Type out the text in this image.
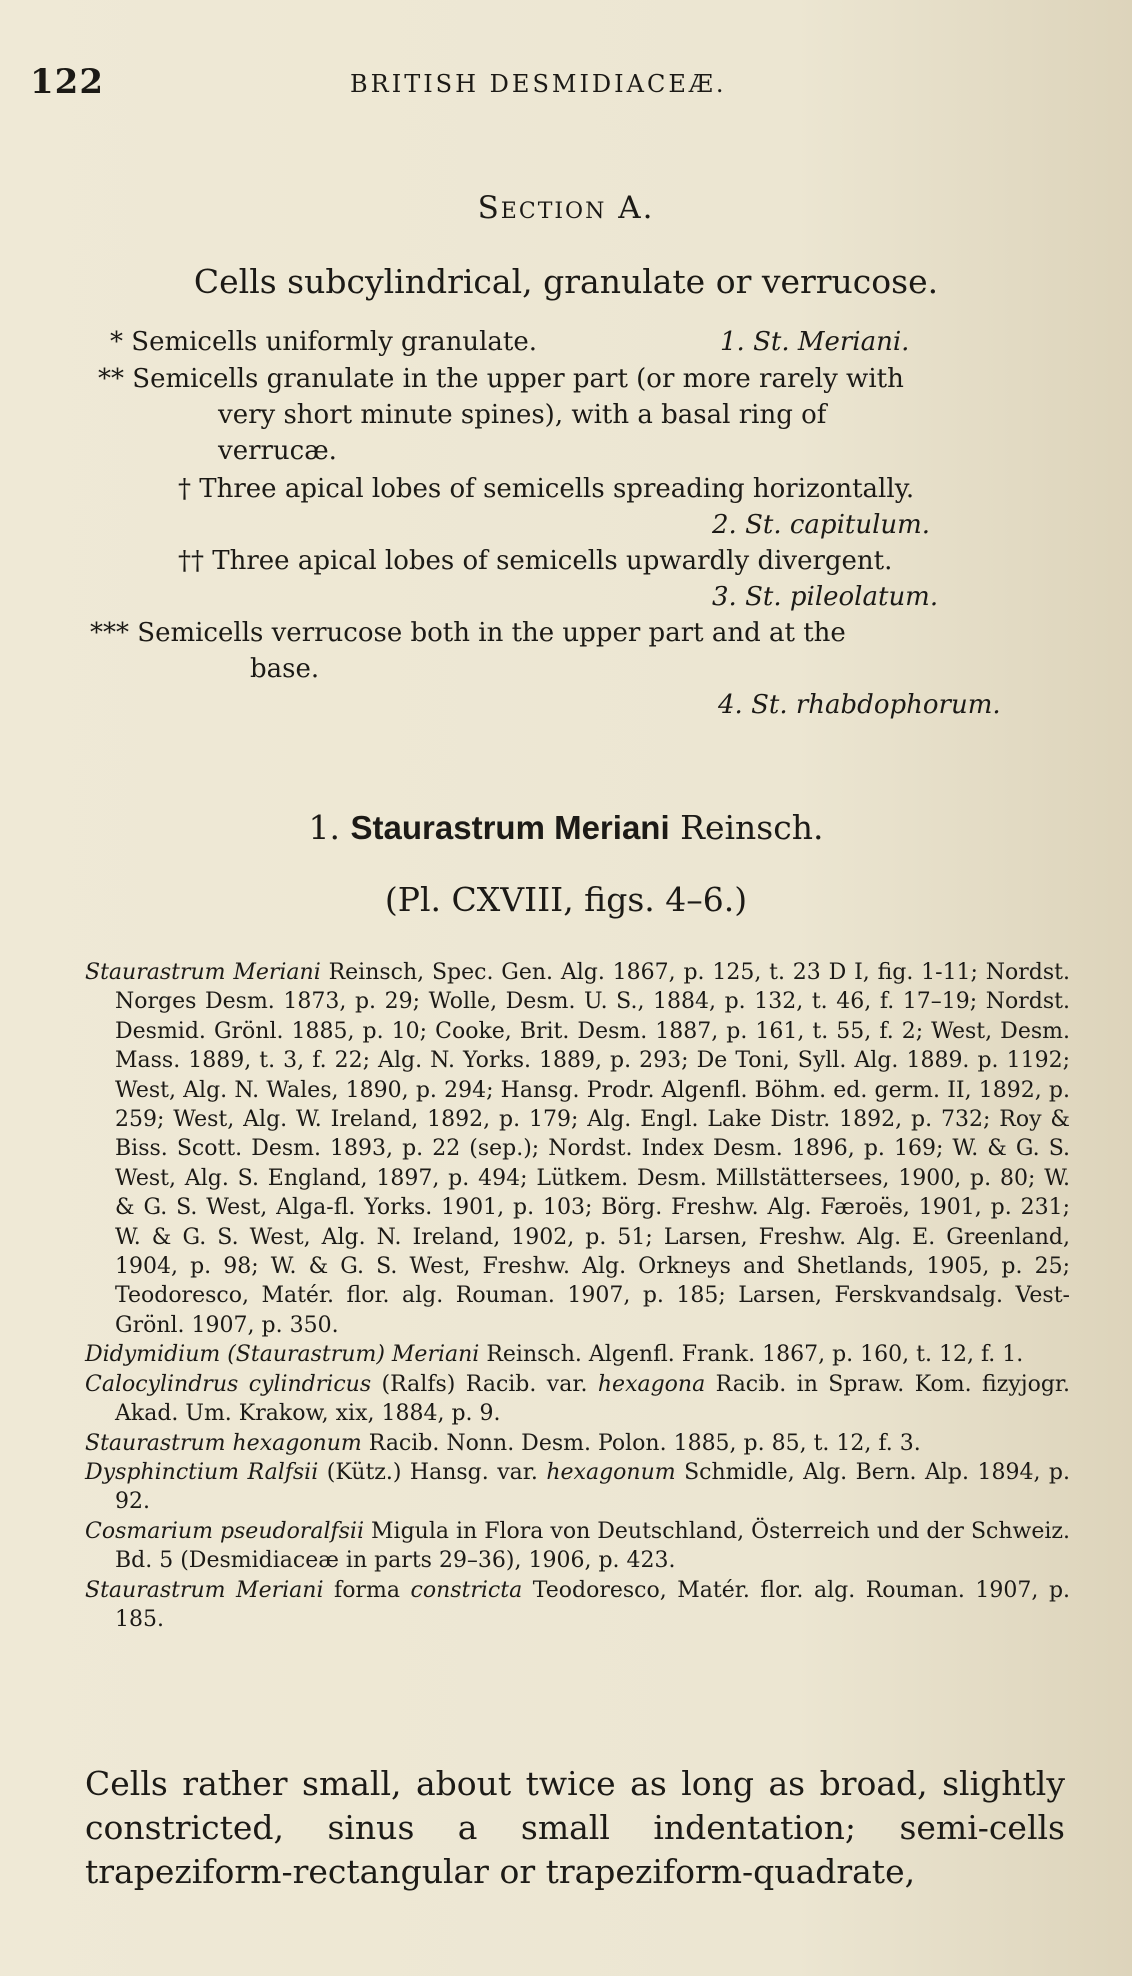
122	BRITISH DESMIDIACEÆ.
Section A.
Cells subcylindrical, granulate or verrucose.
* Semicells uniformly granulate.	1. St. Meriani.
** Semicells granulate in the upper part (or more rarely with
very short minute spines), with a basal ring of
verrucæ.
† Three apical lobes of semicells spreading horizontally.
2. St. capitulum.
†† Three apical lobes of semicells upwardly divergent.
3. St. pileolatum.
*** Semicells verrucose both in the upper part and at the
base.
4. St. rhabdophorum.
1. Staurastrum Meriani Reinsch.
(Pl. CXVIII, figs. 4–6.)

Staurastrum Meriani Reinsch, Spec. Gen. Alg. 1867, p. 125, t. 23 D I, fig. 1-11; Nordst. Norges Desm. 1873, p. 29; Wolle, Desm. U. S., 1884, p. 132, t. 46, f. 17–19; Nordst. Desmid. Grönl. 1885, p. 10; Cooke, Brit. Desm. 1887, p. 161, t. 55, f. 2; West, Desm. Mass. 1889, t. 3, f. 22; Alg. N. Yorks. 1889, p. 293; De Toni, Syll. Alg. 1889. p. 1192; West, Alg. N. Wales, 1890, p. 294; Hansg. Prodr. Algenfl. Böhm. ed. germ. II, 1892, p. 259; West, Alg. W. Ireland, 1892, p. 179; Alg. Engl. Lake Distr. 1892, p. 732; Roy & Biss. Scott. Desm. 1893, p. 22 (sep.); Nordst. Index Desm. 1896, p. 169; W. & G. S. West, Alg. S. England, 1897, p. 494; Lütkem. Desm. Millstättersees, 1900, p. 80; W. & G. S. West, Alga-fl. Yorks. 1901, p. 103; Börg. Freshw. Alg. Færoës, 1901, p. 231; W. & G. S. West, Alg. N. Ireland, 1902, p. 51; Larsen, Freshw. Alg. E. Greenland, 1904, p. 98; W. & G. S. West, Freshw. Alg. Orkneys and Shetlands, 1905, p. 25; Teodoresco, Matér. flor. alg. Rouman. 1907, p. 185; Larsen, Ferskvandsalg. Vest-Grönl. 1907, p. 350.

Didymidium (Staurastrum) Meriani Reinsch. Algenfl. Frank. 1867, p. 160, t. 12, f. 1.

Calocylindrus cylindricus (Ralfs) Racib. var. hexagona Racib. in Spraw. Kom. fizyjogr. Akad. Um. Krakow, xix, 1884, p. 9.

Staurastrum hexagonum Racib. Nonn. Desm. Polon. 1885, p. 85, t. 12, f. 3.

Dysphinctium Ralfsii (Kütz.) Hansg. var. hexagonum Schmidle, Alg. Bern. Alp. 1894, p. 92.

Cosmarium pseudoralfsii Migula in Flora von Deutschland, Österreich und der Schweiz. Bd. 5 (Desmidiaceæ in parts 29–36), 1906, p. 423.

Staurastrum Meriani forma constricta Teodoresco, Matér. flor. alg. Rouman. 1907, p. 185.

Cells rather small, about twice as long as broad, slightly constricted, sinus a small indentation; semi-cells trapeziform-rectangular or trapeziform-quadrate,
